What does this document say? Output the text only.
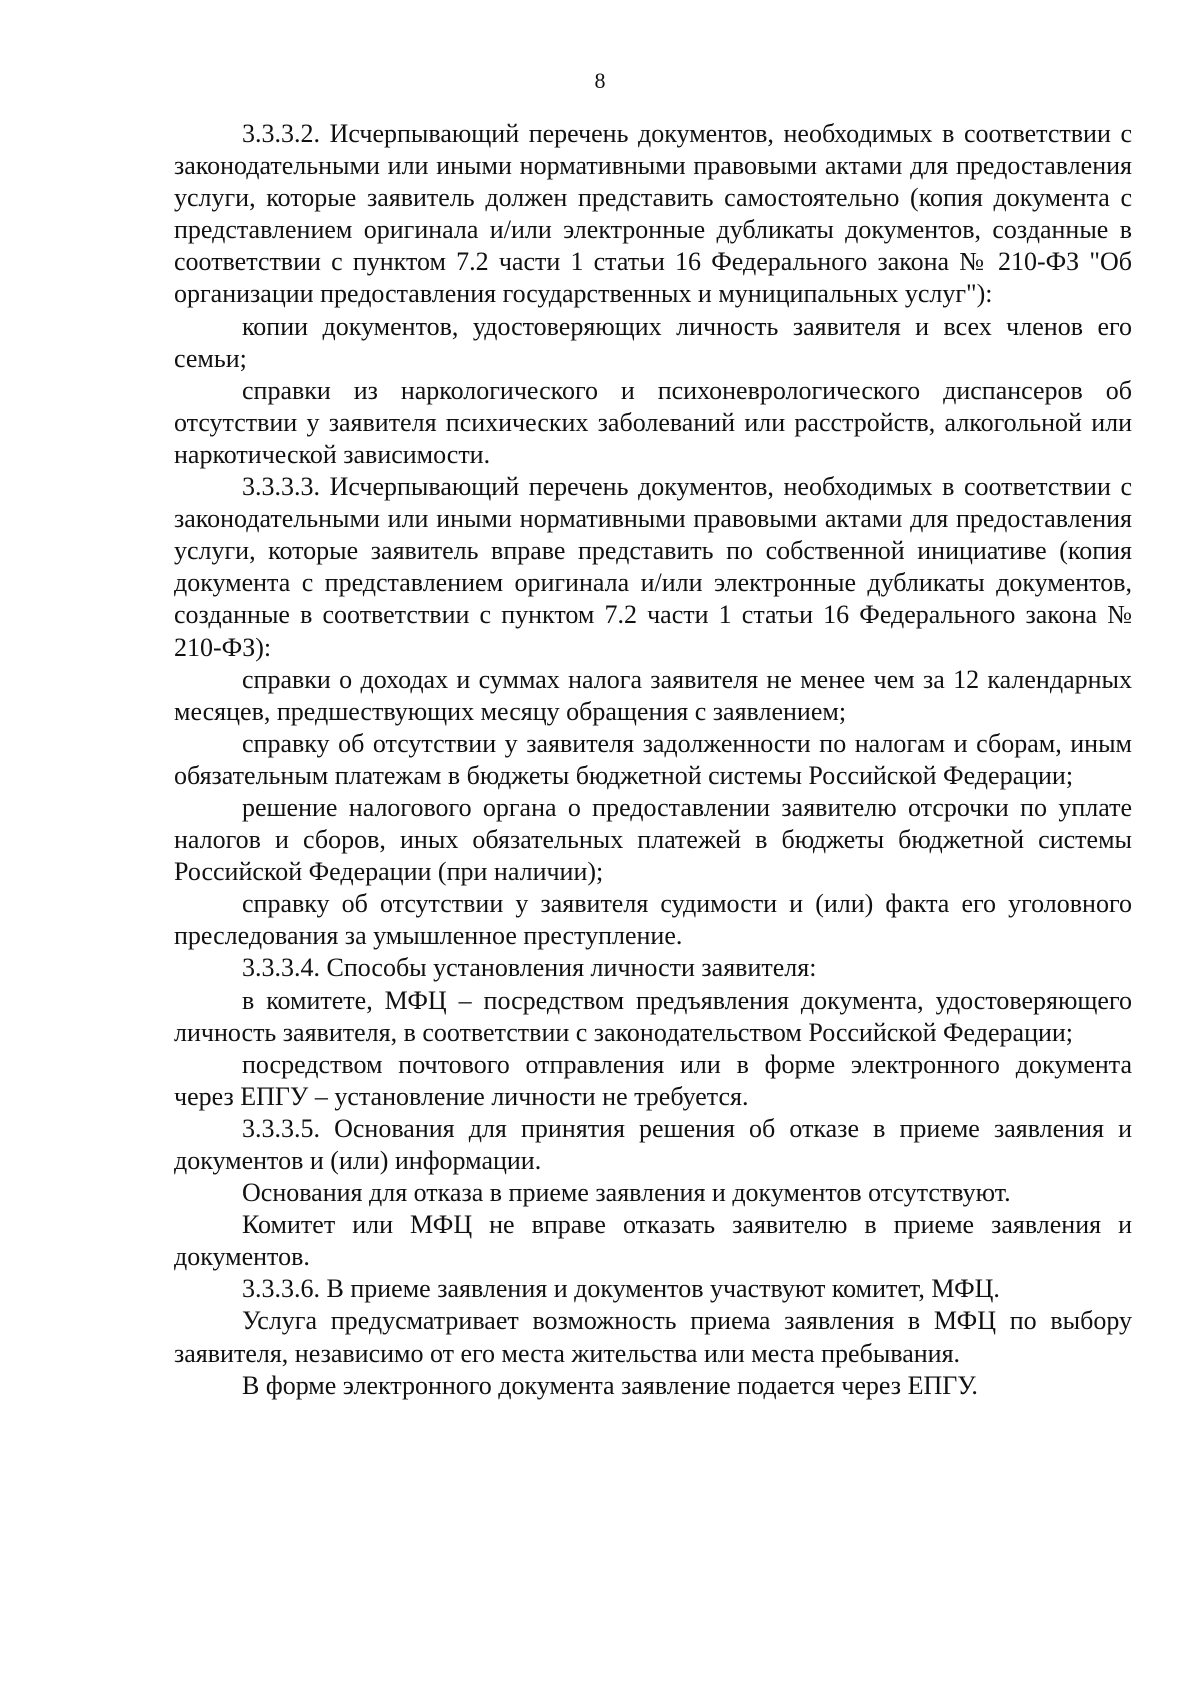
8

3.3.3.2. Исчерпывающий перечень документов, необходимых в соответствии с законодательными или иными нормативными правовыми актами для предоставления услуги, которые заявитель должен представить самостоятельно (копия документа с представлением оригинала и/или электронные дубликаты документов, созданные в соответствии с пунктом 7.2 части 1 статьи 16 Федерального закона № 210-ФЗ "Об организации предоставления государственных и муниципальных услуг"):

копии документов, удостоверяющих личность заявителя и всех членов его семьи;

справки из наркологического и психоневрологического диспансеров об отсутствии у заявителя психических заболеваний или расстройств, алкогольной или наркотической зависимости.

3.3.3.3. Исчерпывающий перечень документов, необходимых в соответствии с законодательными или иными нормативными правовыми актами для предоставления услуги, которые заявитель вправе представить по собственной инициативе (копия документа с представлением оригинала и/или электронные дубликаты документов, созданные в соответствии с пунктом 7.2 части 1 статьи 16 Федерального закона № 210-ФЗ):

справки о доходах и суммах налога заявителя не менее чем за 12 календарных месяцев, предшествующих месяцу обращения с заявлением;

справку об отсутствии у заявителя задолженности по налогам и сборам, иным обязательным платежам в бюджеты бюджетной системы Российской Федерации;

решение налогового органа о предоставлении заявителю отсрочки по уплате налогов и сборов, иных обязательных платежей в бюджеты бюджетной системы Российской Федерации (при наличии);

справку об отсутствии у заявителя судимости и (или) факта его уголовного преследования за умышленное преступление.

3.3.3.4. Способы установления личности заявителя:

в комитете, МФЦ – посредством предъявления документа, удостоверяющего личность заявителя, в соответствии с законодательством Российской Федерации;

посредством почтового отправления или в форме электронного документа через ЕПГУ – установление личности не требуется.

3.3.3.5. Основания для принятия решения об отказе в приеме заявления и документов и (или) информации.

Основания для отказа в приеме заявления и документов отсутствуют.

Комитет или МФЦ не вправе отказать заявителю в приеме заявления и документов.

3.3.3.6. В приеме заявления и документов участвуют комитет, МФЦ.

Услуга предусматривает возможность приема заявления в МФЦ по выбору заявителя, независимо от его места жительства или места пребывания.

В форме электронного документа заявление подается через ЕПГУ.
